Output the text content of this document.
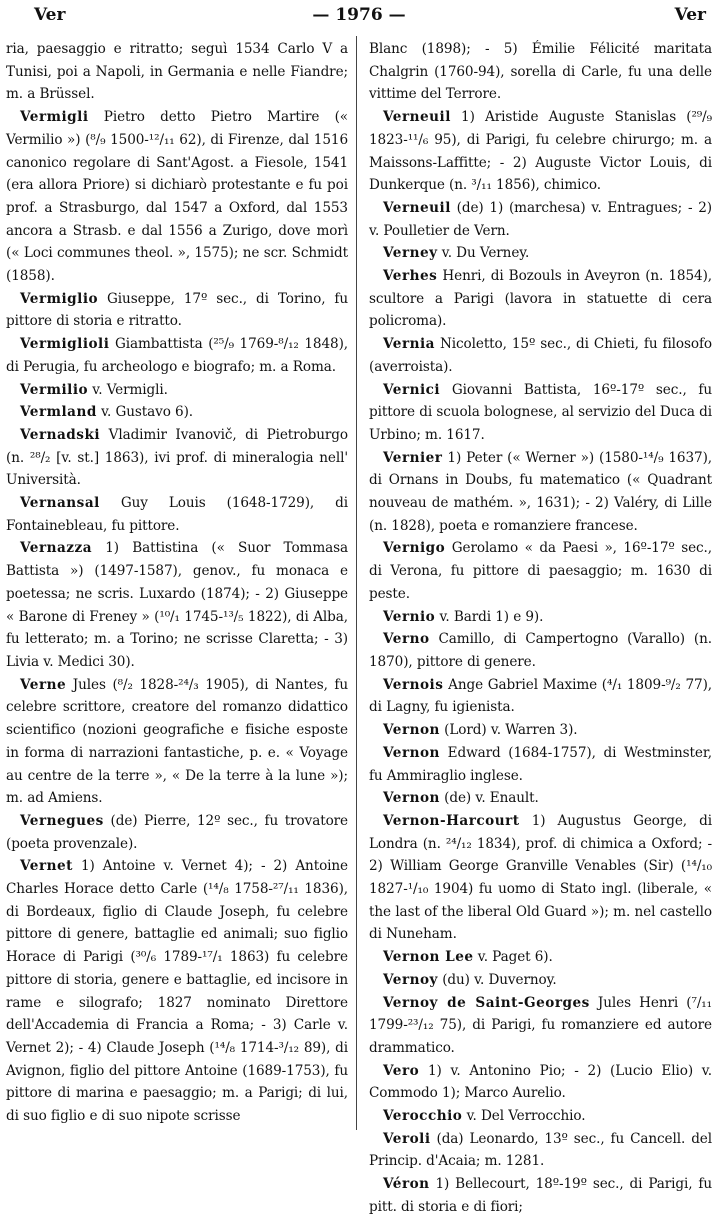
Ver	— 1976 —	Ver

ria, paesaggio e ritratto; seguì 1534 Carlo V a Tunisi, poi a Napoli, in Germania e nelle Fiandre; m. a Brüssel.

Vermigli Pietro detto Pietro Martire (« Vermilio ») (⁸/₉ 1500-¹²/₁₁ 62), di Firenze, dal 1516 canonico regolare di Sant'Agost. a Fiesole, 1541 (era allora Priore) si dichiarò protestante e fu poi prof. a Strasburgo, dal 1547 a Oxford, dal 1553 ancora a Strasb. e dal 1556 a Zurigo, dove morì (« Loci communes theol. », 1575); ne scr. Schmidt (1858).

Vermiglio Giuseppe, 17º sec., di Torino, fu pittore di storia e ritratto.

Vermiglioli Giambattista (²⁵/₉ 1769-⁸/₁₂ 1848), di Perugia, fu archeologo e biografo; m. a Roma.

Vermilio v. Vermigli.

Vermland v. Gustavo 6).

Vernadski Vladimir Ivanovič, di Pietroburgo (n. ²⁸/₂ [v. st.] 1863), ivi prof. di mineralogia nell' Università.

Vernansal Guy Louis (1648-1729), di Fontainebleau, fu pittore.

Vernazza 1) Battistina (« Suor Tommasa Battista ») (1497-1587), genov., fu monaca e poetessa; ne scris. Luxardo (1874); - 2) Giuseppe « Barone di Freney » (¹⁰/₁ 1745-¹³/₅ 1822), di Alba, fu letterato; m. a Torino; ne scrisse Claretta; - 3) Livia v. Medici 30).

Verne Jules (⁸/₂ 1828-²⁴/₃ 1905), di Nantes, fu celebre scrittore, creatore del romanzo didattico scientifico (nozioni geografiche e fisiche esposte in forma di narrazioni fantastiche, p. e. « Voyage au centre de la terre », « De la terre à la lune »); m. ad Amiens.

Vernegues (de) Pierre, 12º sec., fu trovatore (poeta provenzale).

Vernet 1) Antoine v. Vernet 4); - 2) Antoine Charles Horace detto Carle (¹⁴/₈ 1758-²⁷/₁₁ 1836), di Bordeaux, figlio di Claude Joseph, fu celebre pittore di genere, battaglie ed animali; suo figlio Horace di Parigi (³⁰/₆ 1789-¹⁷/₁ 1863) fu celebre pittore di storia, genere e battaglie, ed incisore in rame e silografo; 1827 nominato Direttore dell'Accademia di Francia a Roma; - 3) Carle v. Vernet 2); - 4) Claude Joseph (¹⁴/₈ 1714-³/₁₂ 89), di Avignon, figlio del pittore Antoine (1689-1753), fu pittore di marina e paesaggio; m. a Parigi; di lui, di suo figlio e di suo nipote scrisse

Blanc (1898); - 5) Émilie Félicité maritata Chalgrin (1760-94), sorella di Carle, fu una delle vittime del Terrore.

Verneuil 1) Aristide Auguste Stanislas (²⁹/₉ 1823-¹¹/₆ 95), di Parigi, fu celebre chirurgo; m. a Maissons-Laffitte; - 2) Auguste Victor Louis, di Dunkerque (n. ³/₁₁ 1856), chimico.

Verneuil (de) 1) (marchesa) v. Entragues; - 2) v. Poulletier de Vern.

Verney v. Du Verney.

Verhes Henri, di Bozouls in Aveyron (n. 1854), scultore a Parigi (lavora in statuette di cera policroma).

Vernia Nicoletto, 15º sec., di Chieti, fu filosofo (averroista).

Vernici Giovanni Battista, 16º-17º sec., fu pittore di scuola bolognese, al servizio del Duca di Urbino; m. 1617.

Vernier 1) Peter (« Werner ») (1580-¹⁴/₉ 1637), di Ornans in Doubs, fu matematico (« Quadrant nouveau de mathém. », 1631); - 2) Valéry, di Lille (n. 1828), poeta e romanziere francese.

Vernigo Gerolamo « da Paesi », 16º-17º sec., di Verona, fu pittore di paesaggio; m. 1630 di peste.

Vernio v. Bardi 1) e 9).

Verno Camillo, di Campertogno (Varallo) (n. 1870), pittore di genere.

Vernois Ange Gabriel Maxime (⁴/₁ 1809-⁹/₂ 77), di Lagny, fu igienista.

Vernon (Lord) v. Warren 3).

Vernon Edward (1684-1757), di Westminster, fu Ammiraglio inglese.

Vernon (de) v. Enault.

Vernon-Harcourt 1) Augustus George, di Londra (n. ²⁴/₁₂ 1834), prof. di chimica a Oxford; - 2) William George Granville Venables (Sir) (¹⁴/₁₀ 1827-¹/₁₀ 1904) fu uomo di Stato ingl. (liberale, « the last of the liberal Old Guard »); m. nel castello di Nuneham.

Vernon Lee v. Paget 6).

Vernoy (du) v. Duvernoy.

Vernoy de Saint-Georges Jules Henri (⁷/₁₁ 1799-²³/₁₂ 75), di Parigi, fu romanziere ed autore drammatico.

Vero 1) v. Antonino Pio; - 2) (Lucio Elio) v. Commodo 1); Marco Aurelio.

Verocchio v. Del Verrocchio.

Veroli (da) Leonardo, 13º sec., fu Cancell. del Princip. d'Acaia; m. 1281.

Véron 1) Bellecourt, 18º-19º sec., di Parigi, fu pitt. di storia e di fiori;
